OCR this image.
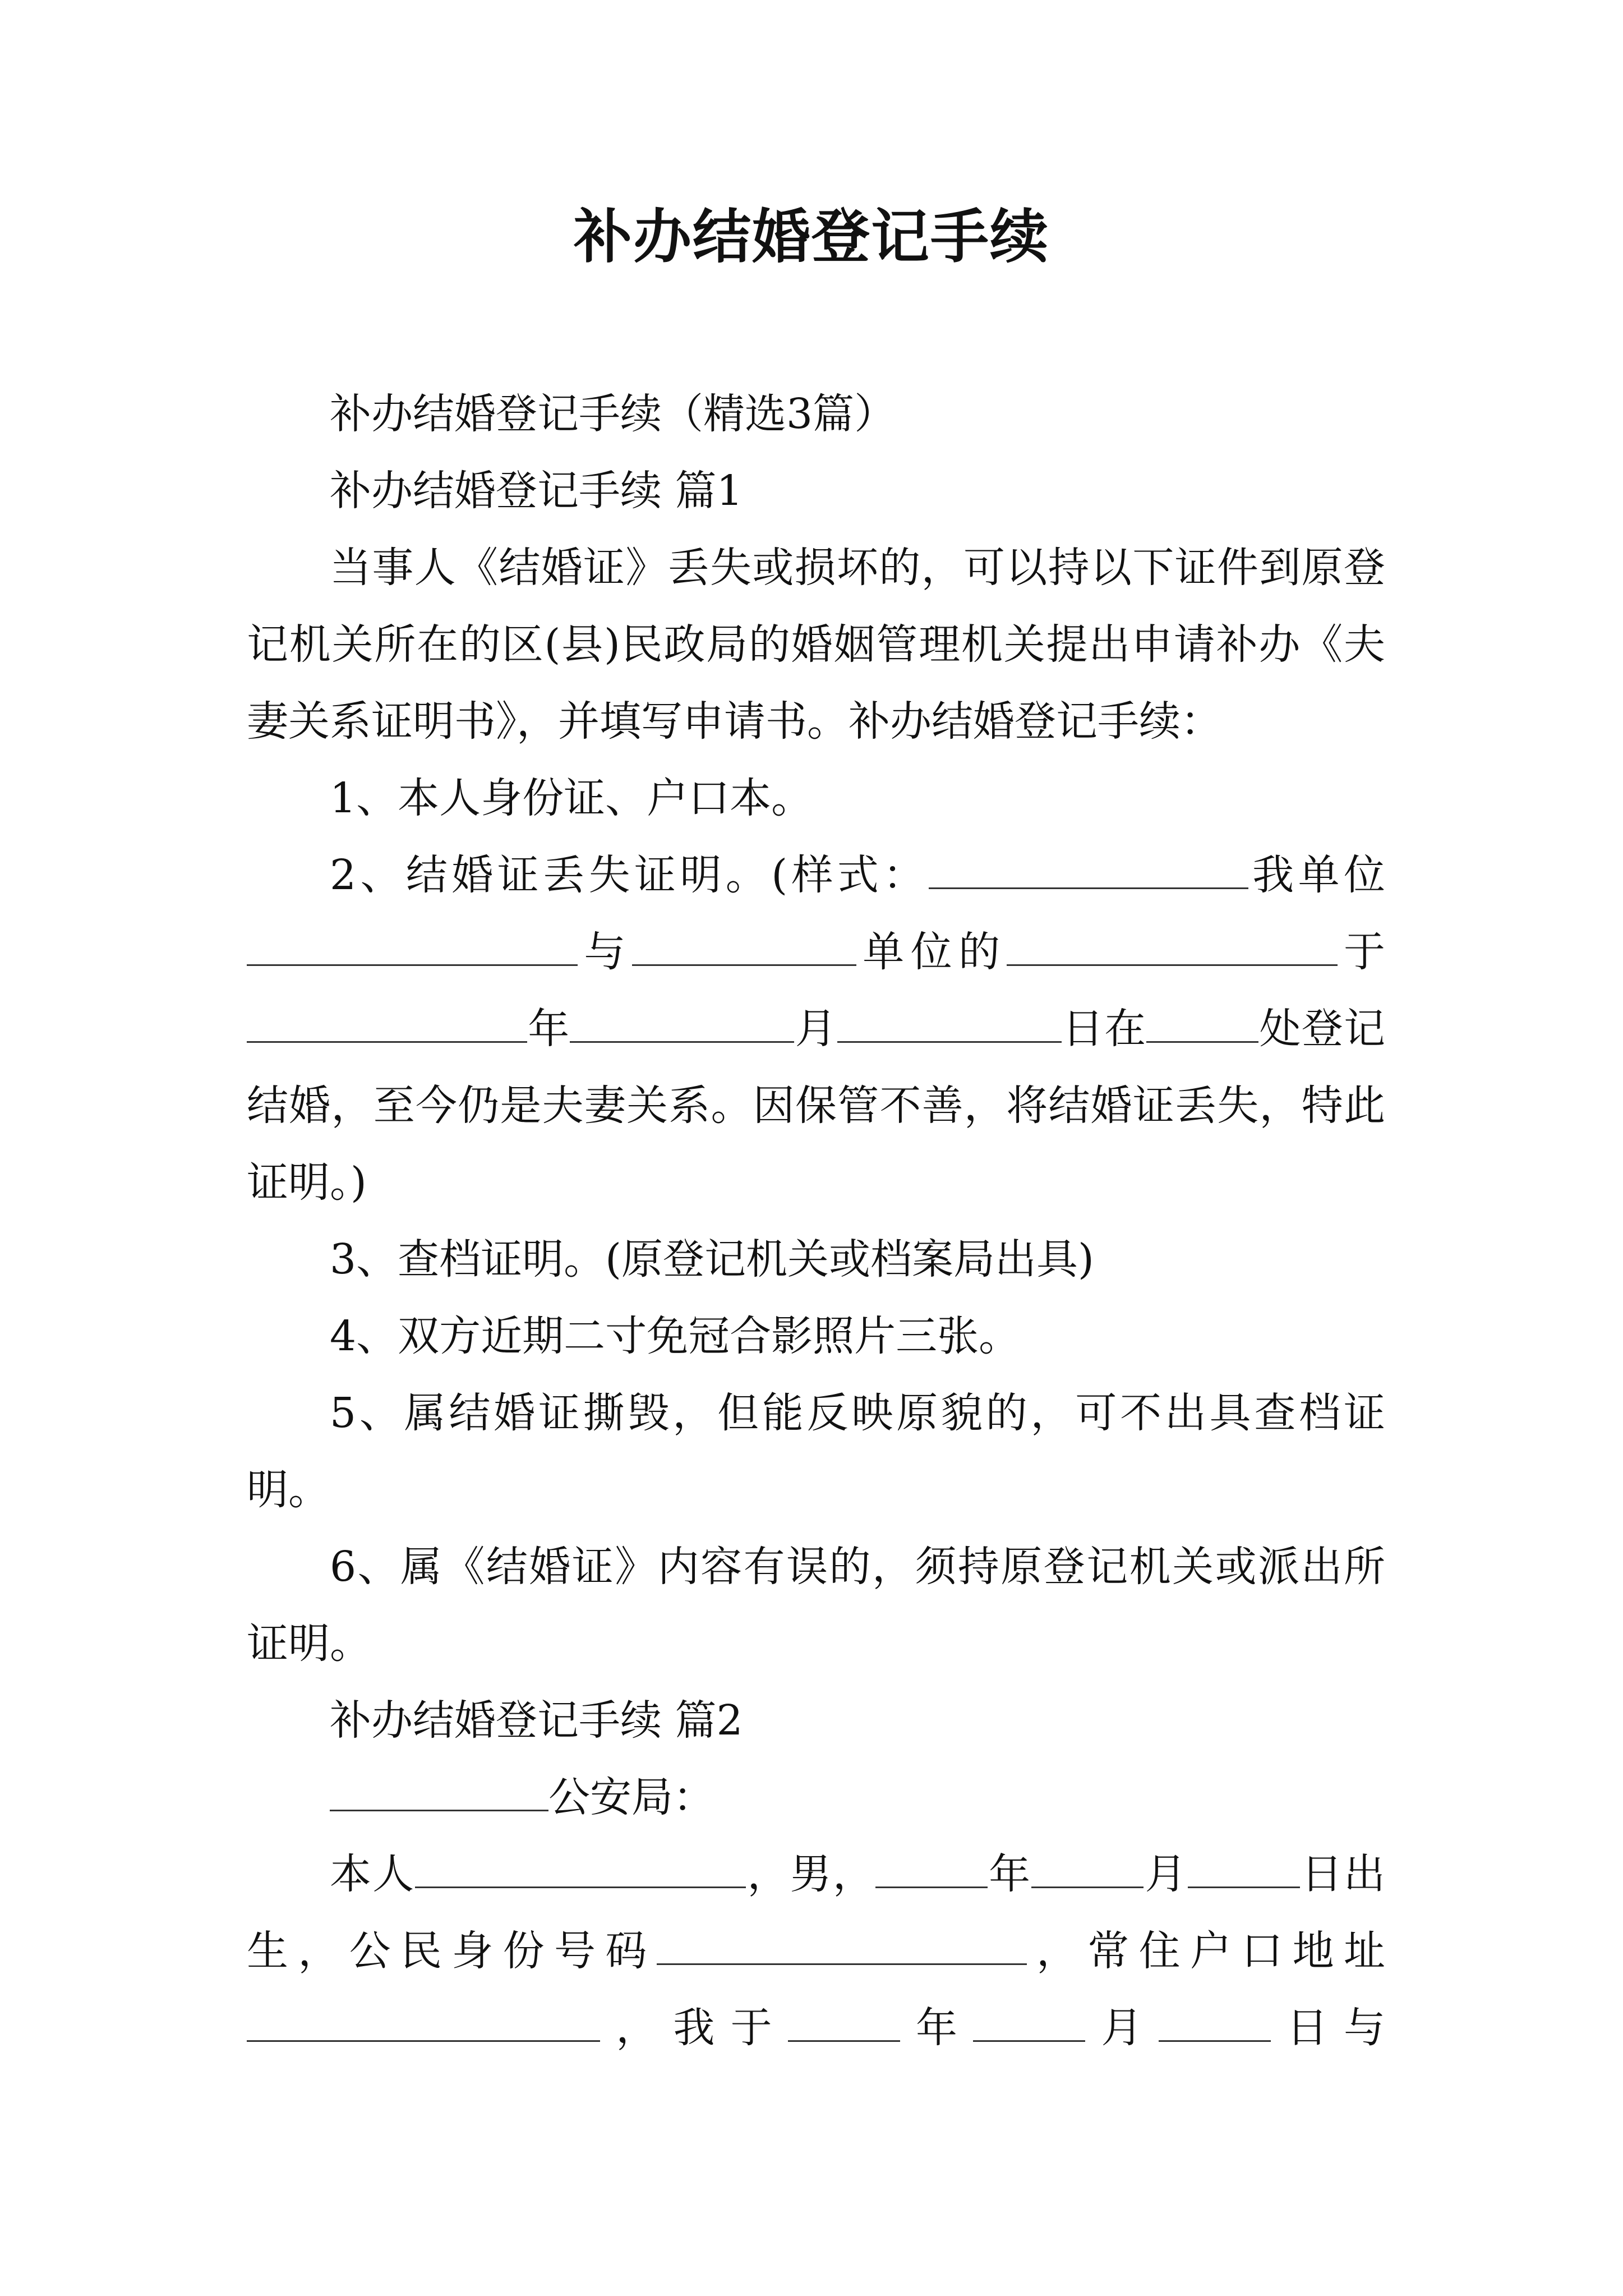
补办结婚登记手续

补办结婚登记手续（精选3篇）

补办结婚登记手续 篇1

当事人《结婚证》丢失或损坏的，可以持以下证件到原登记机关所在的区(县)民政局的婚姻管理机关提出申请补办《夫妻关系证明书》，并填写申请书。补办结婚登记手续：

1、本人身份证、户口本。

2、结婚证丢失证明。(样式：	我单位

与	单位的	于

年	月	日在	处登记

结婚，至今仍是夫妻关系。因保管不善，将结婚证丢失，特此证明。)

3、查档证明。(原登记机关或档案局出具)

4、双方近期二寸免冠合影照片三张。

5、属结婚证撕毁，但能反映原貌的，可不出具查档证明。

6、属《结婚证》内容有误的，须持原登记机关或派出所证明。

补办结婚登记手续 篇2

公安局：

本人	，男，	年	月	日出

生，公民身份号码	，常住户口地址

，我于	年	月	日与
